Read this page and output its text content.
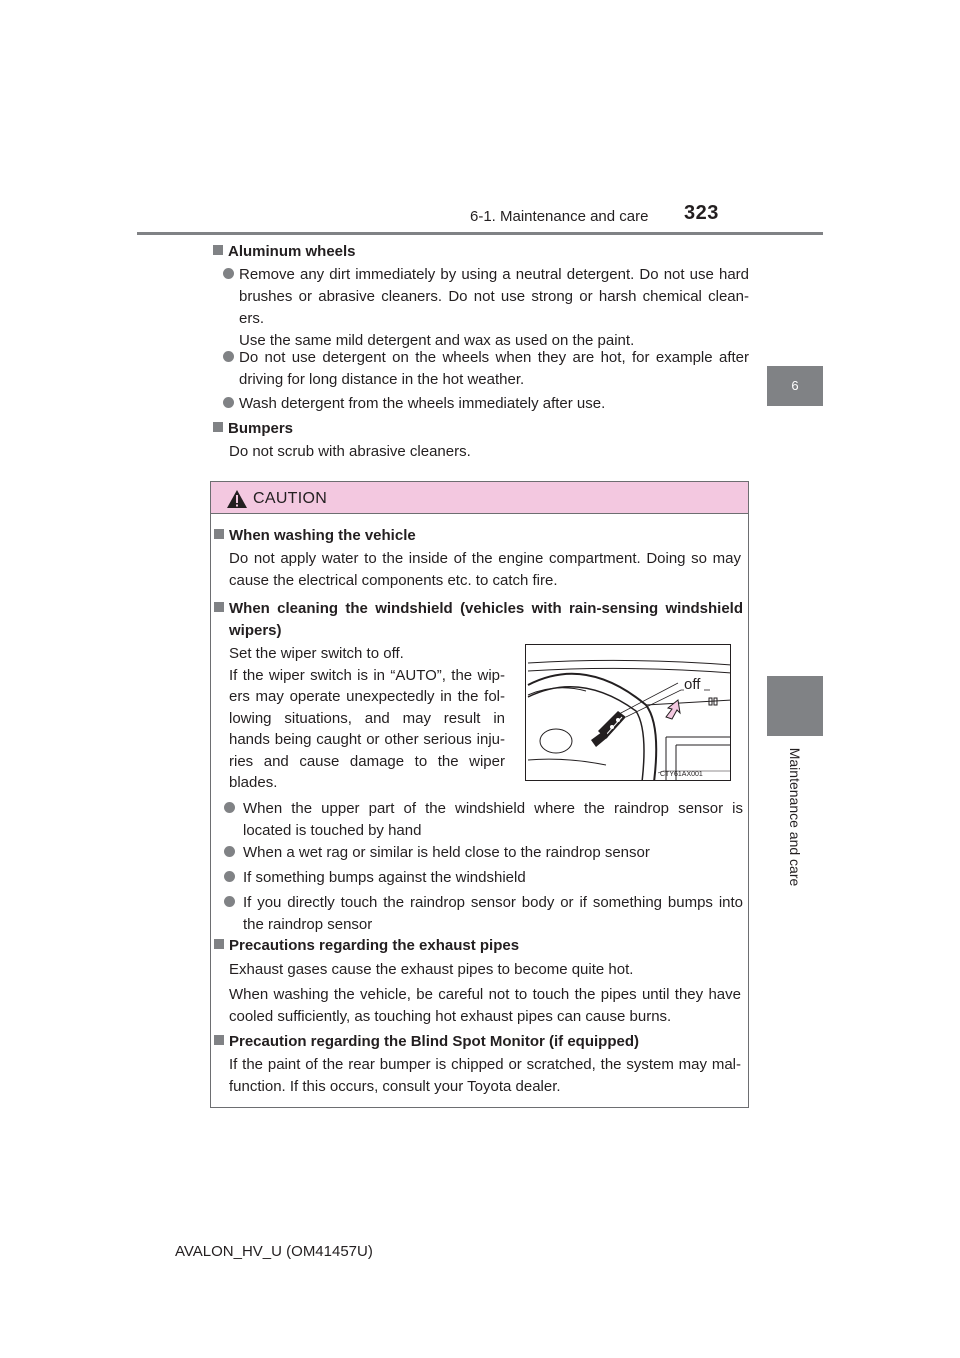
6-1. Maintenance and care 323
6
Maintenance and care
Aluminum wheels
Remove any dirt immediately by using a neutral detergent. Do not use hard
brushes or abrasive cleaners. Do not use strong or harsh chemical clean-
ers.
Use the same mild detergent and wax as used on the paint.
Do not use detergent on the wheels when they are hot, for example after
driving for long distance in the hot weather.
Wash detergent from the wheels immediately after use.
Bumpers
Do not scrub with abrasive cleaners.
CAUTION
When washing the vehicle
Do not apply water to the inside of the engine compartment. Doing so may
cause the electrical components etc. to catch fire.
When cleaning the windshield (vehicles with rain-sensing windshield
wipers)
Set the wiper switch to off.
If the wiper switch is in “AUTO”, the wip-
ers may operate unexpectedly in the fol-
lowing situations, and may result in
hands being caught or other serious inju-
ries and cause damage to the wiper
blades.
off
CTY61AX001
When the upper part of the windshield where the raindrop sensor is
located is touched by hand
When a wet rag or similar is held close to the raindrop sensor
If something bumps against the windshield
If you directly touch the raindrop sensor body or if something bumps into
the raindrop sensor
Precautions regarding the exhaust pipes
Exhaust gases cause the exhaust pipes to become quite hot.
When washing the vehicle, be careful not to touch the pipes until they have
cooled sufficiently, as touching hot exhaust pipes can cause burns.
Precaution regarding the Blind Spot Monitor (if equipped)
If the paint of the rear bumper is chipped or scratched, the system may mal-
function. If this occurs, consult your Toyota dealer.
AVALON_HV_U (OM41457U)
